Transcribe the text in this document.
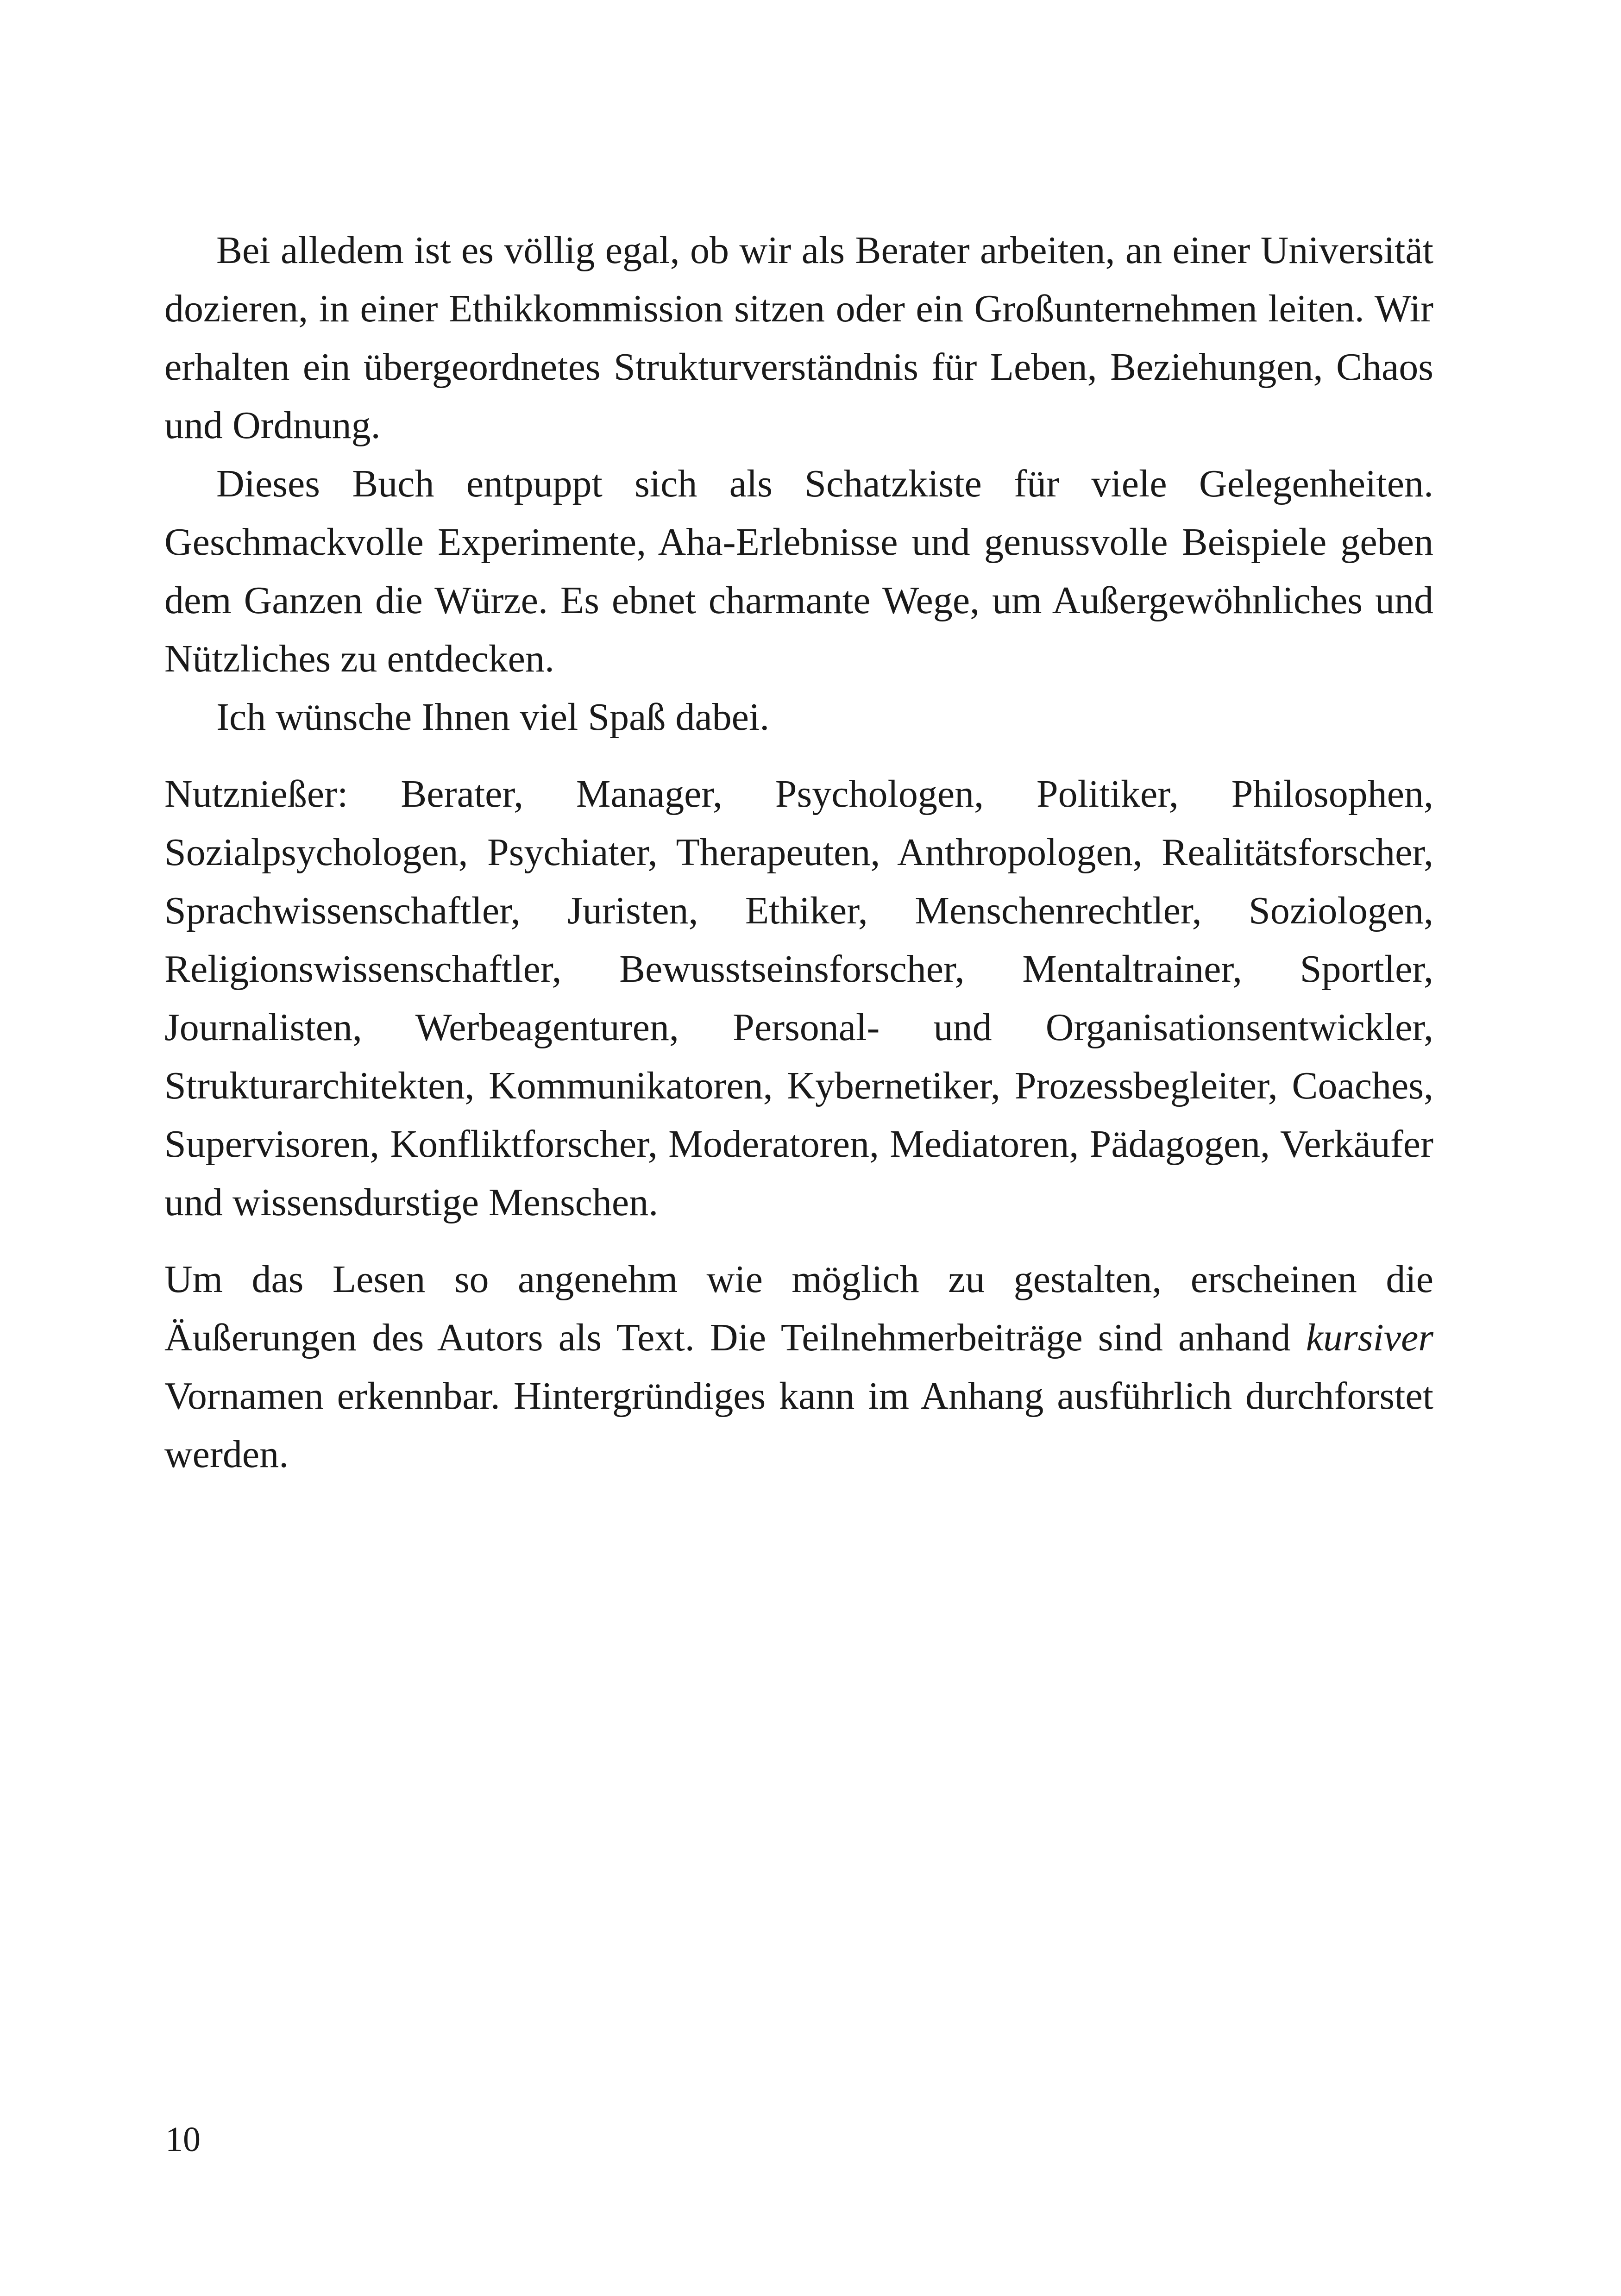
Bei alledem ist es völlig egal, ob wir als Berater arbeiten, an einer Universität dozieren, in einer Ethikkommission sitzen oder ein Großunternehmen leiten. Wir erhalten ein übergeordnetes Strukturverständnis für Leben, Beziehungen, Chaos und Ordnung.

Dieses Buch entpuppt sich als Schatzkiste für viele Gelegenheiten. Geschmackvolle Experimente, Aha-Erlebnisse und genussvolle Beispiele geben dem Ganzen die Würze. Es ebnet charmante Wege, um Außergewöhnliches und Nützliches zu entdecken.

Ich wünsche Ihnen viel Spaß dabei.

Nutznießer: Berater, Manager, Psychologen, Politiker, Philosophen, Sozialpsychologen, Psychiater, Therapeuten, Anthropologen, Realitätsforscher, Sprachwissenschaftler, Juristen, Ethiker, Menschenrechtler, Soziologen, Religionswissenschaftler, Bewusstseinsforscher, Mentaltrainer, Sportler, Journalisten, Werbeagenturen, Personal- und Organisationsentwickler, Strukturarchitekten, Kommunikatoren, Kybernetiker, Prozessbegleiter, Coaches, Supervisoren, Konfliktforscher, Moderatoren, Mediatoren, Pädagogen, Verkäufer und wissensdurstige Menschen.

Um das Lesen so angenehm wie möglich zu gestalten, erscheinen die Äußerungen des Autors als Text. Die Teilnehmerbeiträge sind anhand kursiver Vornamen erkennbar. Hintergründiges kann im Anhang ausführlich durchforstet werden.

10
